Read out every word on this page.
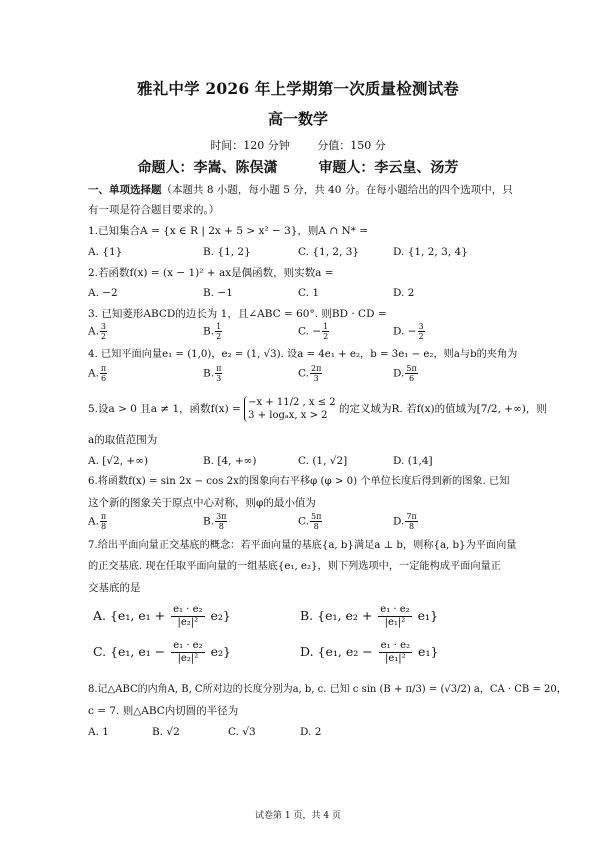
雅礼中学 2026 年上学期第一次质量检测试卷
高一数学
时间：120 分钟	分值：150 分
命题人：李嵩、陈俣潇	审题人：李云皇、汤芳
一、单项选择题（本题共 8 小题，每小题 5 分，共 40 分。在每小题给出的四个选项中，只
有一项是符合题目要求的。）
1.已知集合A = {x ∈ R | 2x + 5 > x² − 3}，则A ∩ N* =
A. {1}	B. {1, 2}	C. {1, 2, 3}	D. {1, 2, 3, 4}
2.若函数f(x) = (x − 1)² + ax是偶函数，则实数a =
A. −2	B. −1	C. 1	D. 2
3. 已知菱形ABCD的边长为 1，且∠ABC = 60°. 则BD · CD =
A. $\frac{3}{2}$	B. $\frac{1}{2}$	C. − $\frac{1}{2}$	D. − $\frac{3}{2}$
4. 已知平面向量e₁ = (1,0)，e₂ = (1, √3). 设a = 4e₁ + e₂，b = 3e₁ − e₂，则a与b的夹角为
A. $\frac{\pi}{6}$	B. $\frac{\pi}{3}$	C. $\frac{2\pi}{3}$	D. $\frac{5\pi}{6}$
5.设a > 0 且a ≠ 1，函数f(x) =
−x + 11/2 , x ≤ 2
3 + logₐx, x > 2
的定义域为R. 若f(x)的值域为[7/2, +∞)，则
a的取值范围为
A. [√2, +∞)	B. [4, +∞)	C. (1, √2]	D. (1,4]
6.将函数f(x) = sin 2x − cos 2x的图象向右平移φ (φ > 0) 个单位长度后得到新的图象. 已知
这个新的图象关于原点中心对称，则φ的最小值为
A. $\frac{\pi}{8}$	B. $\frac{3\pi}{8}$	C. $\frac{5\pi}{8}$	D. $\frac{7\pi}{8}$
7.给出平面向量正交基底的概念：若平面向量的基底{a, b}满足a ⊥ b，则称{a, b}为平面向量
的正交基底. 现在任取平面向量的一组基底{e₁, e₂}，则下列选项中，一定能构成平面向量正
交基底的是
A. {e₁, $e_1 + \frac{\text{e₁ · e₂}}{\text{|e₂|²}} e_2$}	B. {e₁, $e_2 + \frac{\text{e₁ · e₂}}{\text{|e₁|²}} e_1$}
C. {e₁, $e_1 - \frac{\text{e₁ · e₂}}{\text{|e₂|²}} e_2$}	D. {e₁, $e_2 - \frac{\text{e₁ · e₂}}{\text{|e₁|²}} e_1$}
8.记△ABC的内角A, B, C所对边的长度分别为a, b, c. 已知 c sin (B + π/3) = (√3/2) a，CA · CB = 20，
c = 7. 则△ABC内切圆的半径为
A. 1	B. √2	C. √3	D. 2
试卷第 1 页，共 4 页
